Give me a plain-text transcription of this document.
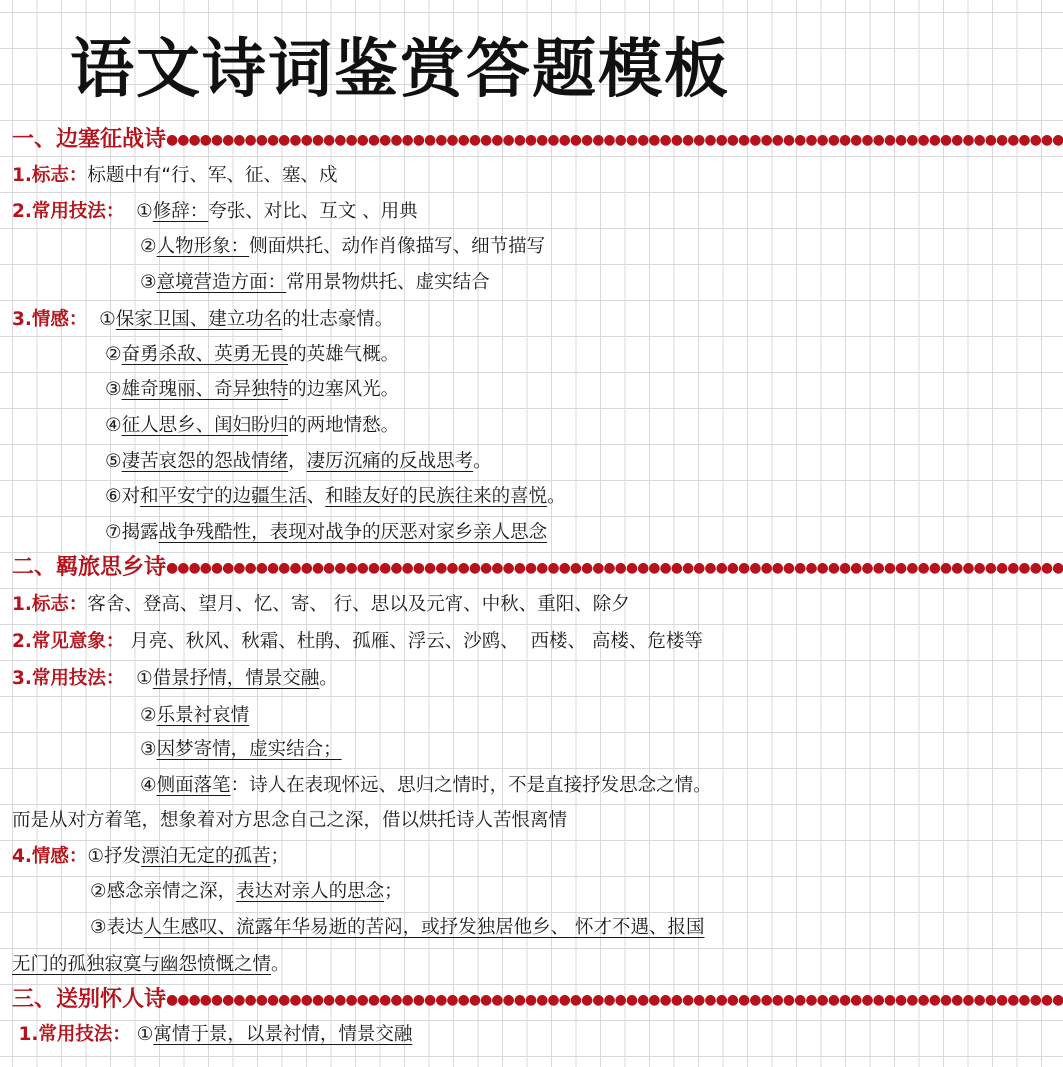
语文诗词鉴赏答题模板
一、边塞征战诗●●●●●●●●●●●●●●●●●●●●●●●●●●●●●●●●●●●●●●●●●●●●●●●●●●●●●●●●●●●●●●●●●●●●●●●●●●●●●●●●
1.标志：标题中有“行、军、征、塞、戍
2.常用技法：  ①修辞：夸张、对比、互文 、用典
②人物形象：侧面烘托、动作肖像描写、细节描写
③意境营造方面：常用景物烘托、虚实结合
3.情感：  ①保家卫国、建立功名的壮志豪情。
②奋勇杀敌、英勇无畏的英雄气概。
③雄奇瑰丽、奇异独特的边塞风光。
④征人思乡、闺妇盼归的两地情愁。
⑤凄苦哀怨的怨战情绪，凄厉沉痛的反战思考。
⑥对和平安宁的边疆生活、和睦友好的民族往来的喜悦。
⑦揭露战争残酷性，表现对战争的厌恶对家乡亲人思念
二、羁旅思乡诗●●●●●●●●●●●●●●●●●●●●●●●●●●●●●●●●●●●●●●●●●●●●●●●●●●●●●●●●●●●●●●●●●●●●●●●●●●●●●●●●
1.标志：客舍、登高、望月、忆、寄、 行、思以及元宵、中秋、重阳、除夕
2.常见意象： 月亮、秋风、秋霜、杜鹃、孤雁、浮云、沙鸥、  西楼、 高楼、危楼等
3.常用技法：  ①借景抒情，情景交融。
②乐景衬哀情
③因梦寄情，虚实结合；
④侧面落笔：诗人在表现怀远、思归之情时，不是直接抒发思念之情。
而是从对方着笔，想象着对方思念自己之深，借以烘托诗人苦恨离情
4.情感：①抒发漂泊无定的孤苦；
②感念亲情之深，表达对亲人的思念；
③表达人生感叹、流露年华易逝的苦闷，或抒发独居他乡、 怀才不遇、报国
无门的孤独寂寞与幽怨愤慨之情。
三、送别怀人诗●●●●●●●●●●●●●●●●●●●●●●●●●●●●●●●●●●●●●●●●●●●●●●●●●●●●●●●●●●●●●●●●●●●●●●●●●●●●●●●●
1.常用技法： ①寓情于景，以景衬情，情景交融
